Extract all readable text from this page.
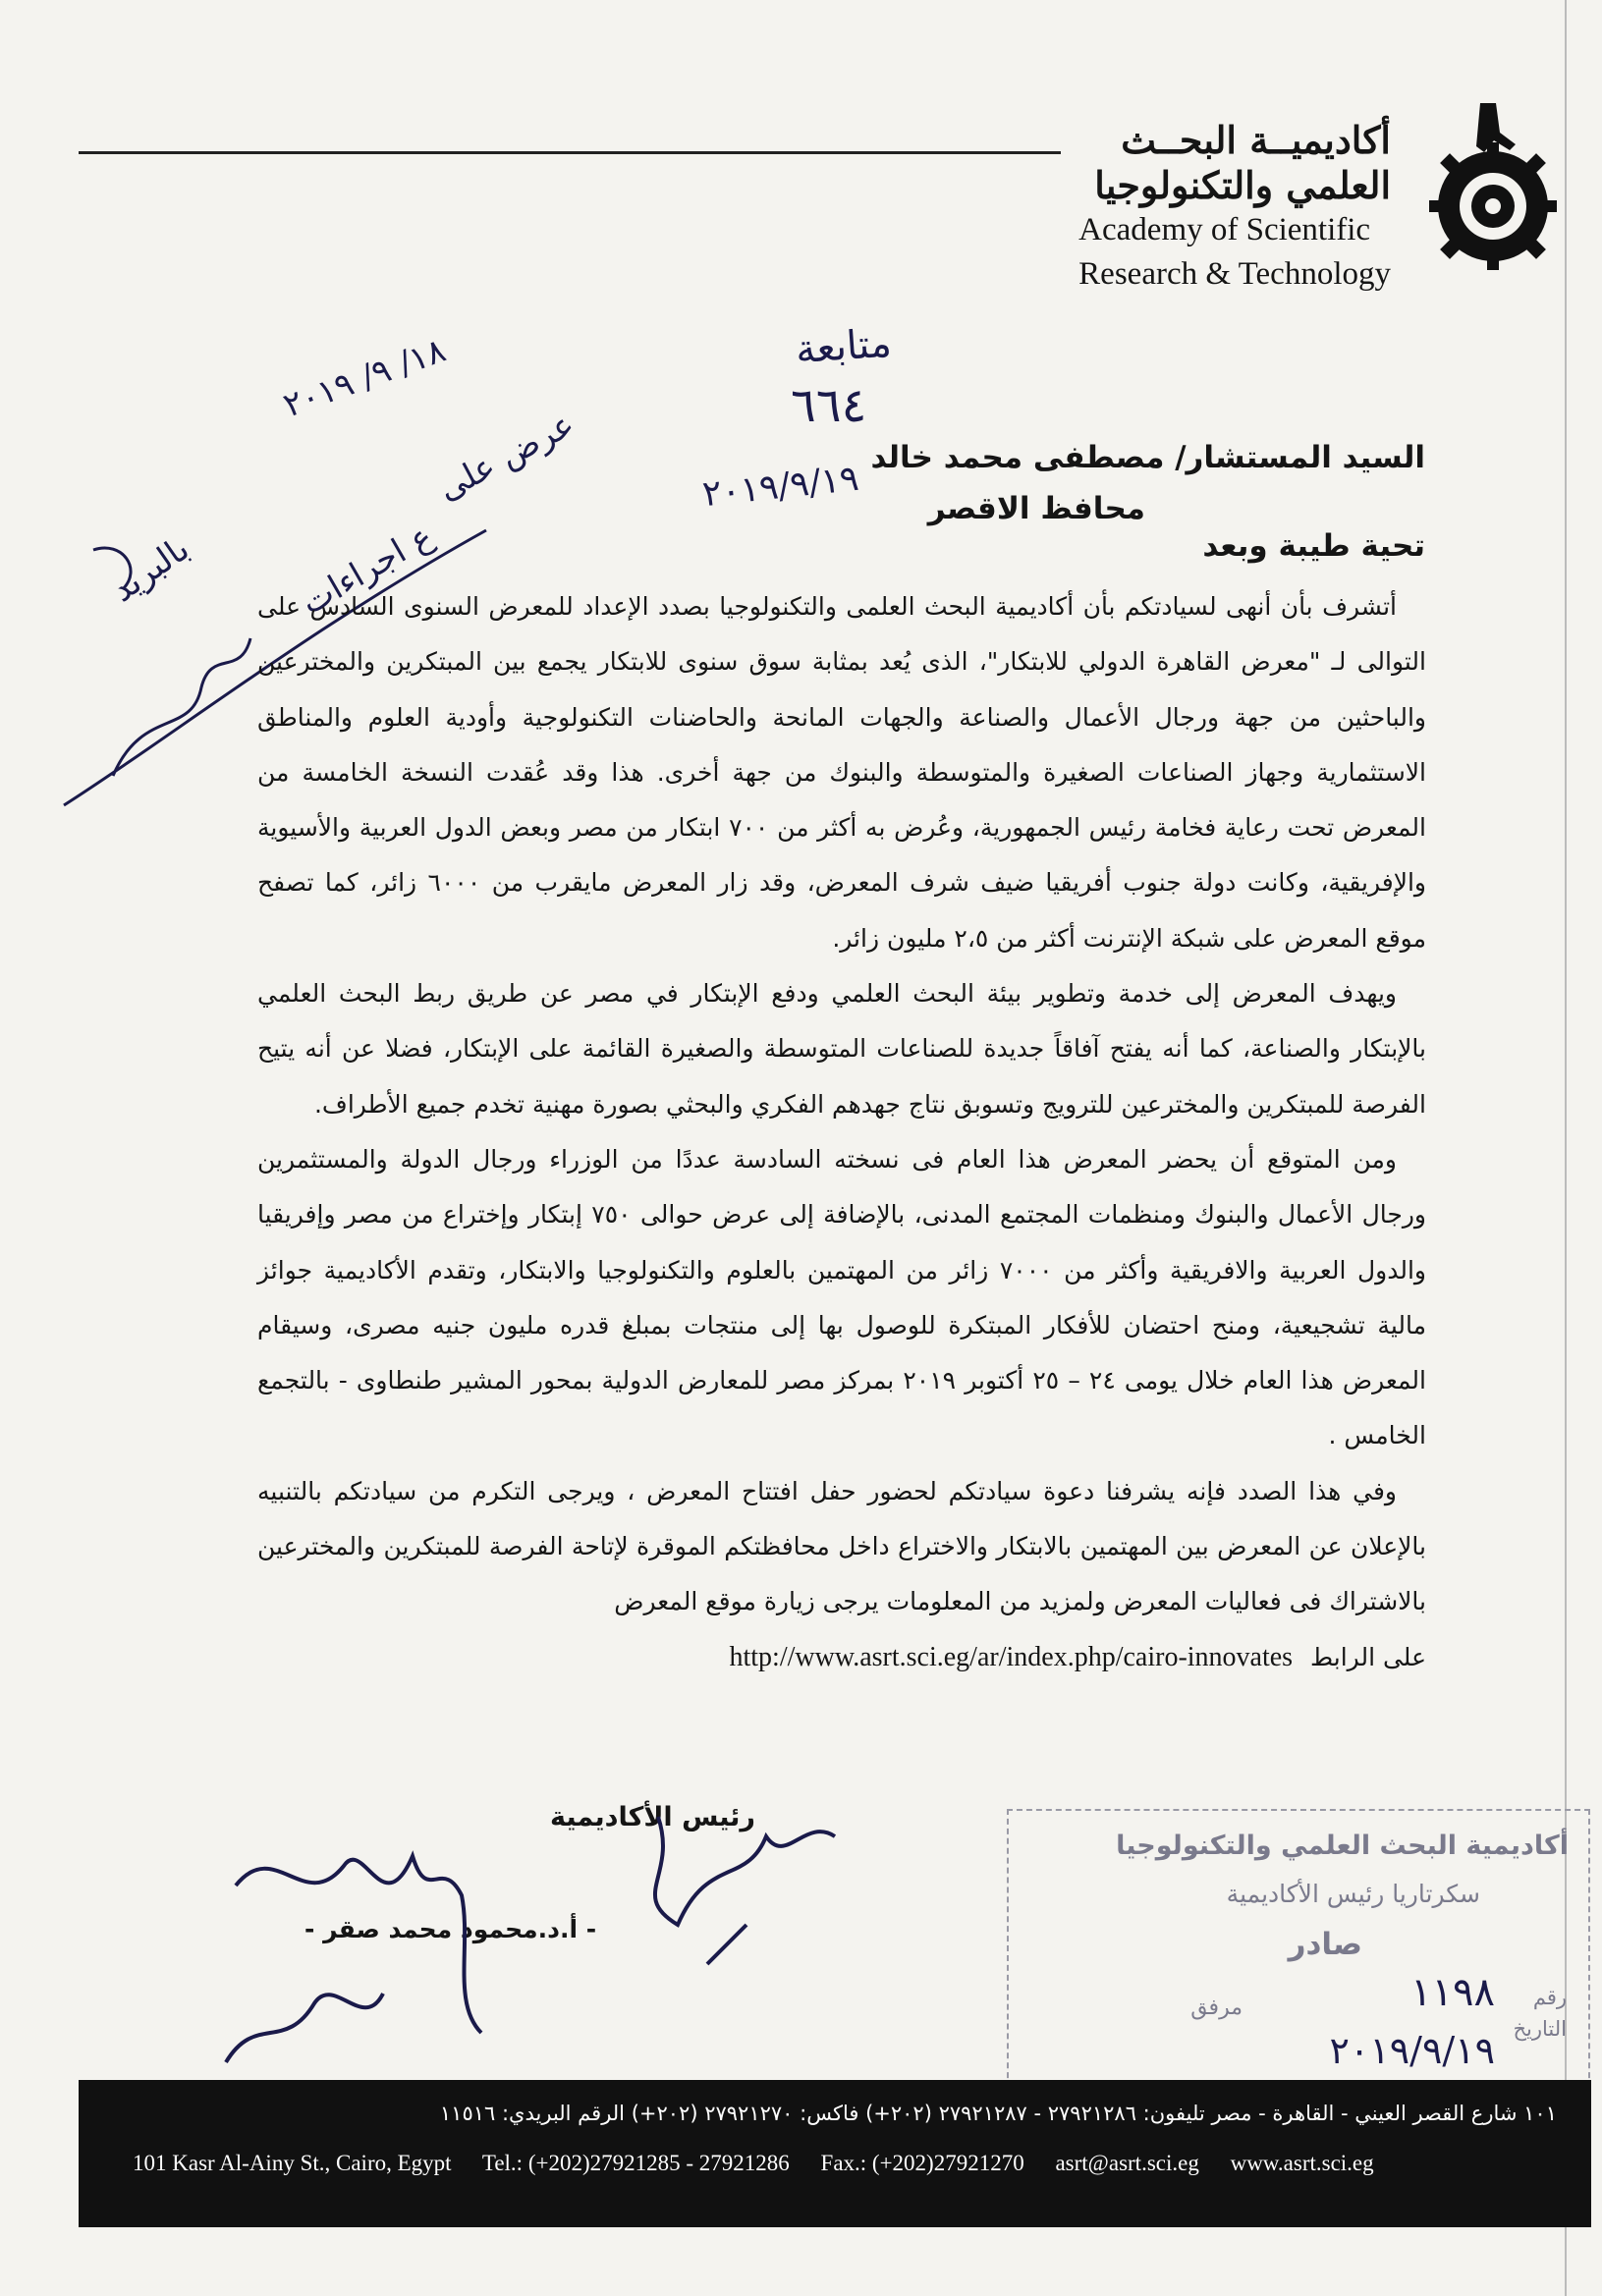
أكاديميــة البحــث
العلمي والتكنولوجيا
Academy of Scientific
Research & Technology
متابعة
٦٦٤
٢٠١٩/٩/١٩
١٨/ ٩/ ٢٠١٩
عرض على
ع اجراءات
بالبريد
السيد المستشار/ مصطفى محمد خالد
محافظ الاقصر
تحية طيبة وبعد

أتشرف بأن أنهى لسيادتكم بأن أكاديمية البحث العلمى والتكنولوجيا بصدد الإعداد للمعرض السنوى السادس على التوالى لـ "معرض القاهرة الدولي للابتكار"، الذى يُعد بمثابة سوق سنوى للابتكار يجمع بين المبتكرين والمخترعين والباحثين من جهة ورجال الأعمال والصناعة والجهات المانحة والحاضنات التكنولوجية وأودية العلوم والمناطق الاستثمارية وجهاز الصناعات الصغيرة والمتوسطة والبنوك من جهة أخرى. هذا وقد عُقدت النسخة الخامسة من المعرض تحت رعاية فخامة رئيس الجمهورية، وعُرض به أكثر من ٧٠٠ ابتكار من مصر وبعض الدول العربية والأسيوية والإفريقية، وكانت دولة جنوب أفريقيا ضيف شرف المعرض، وقد زار المعرض مايقرب من ٦٠٠٠ زائر، كما تصفح موقع المعرض على شبكة الإنترنت أكثر من ٢،٥ مليون زائر.

ويهدف المعرض إلى خدمة وتطوير بيئة البحث العلمي ودفع الإبتكار في مصر عن طريق ربط البحث العلمي بالإبتكار والصناعة، كما أنه يفتح آفاقاً جديدة للصناعات المتوسطة والصغيرة القائمة على الإبتكار، فضلا عن أنه يتيح الفرصة للمبتكرين والمخترعين للترويج وتسوبق نتاج جهدهم الفكري والبحثي بصورة مهنية تخدم جميع الأطراف.

ومن المتوقع أن يحضر المعرض هذا العام فى نسخته السادسة عددًا من الوزراء ورجال الدولة والمستثمرين ورجال الأعمال والبنوك ومنظمات المجتمع المدنى، بالإضافة إلى عرض حوالى ٧٥٠ إبتكار وإختراع من مصر وإفريقيا والدول العربية والافريقية وأكثر من ٧٠٠٠ زائر من المهتمين بالعلوم والتكنولوجيا والابتكار، وتقدم الأكاديمية جوائز مالية تشجيعية، ومنح احتضان للأفكار المبتكرة للوصول بها إلى منتجات بمبلغ قدره مليون جنيه مصرى، وسيقام المعرض هذا العام خلال يومى ٢٤ – ٢٥ أكتوبر ٢٠١٩ بمركز مصر للمعارض الدولية بمحور المشير طنطاوى - بالتجمع الخامس .

وفي هذا الصدد فإنه يشرفنا دعوة سيادتكم لحضور حفل افتتاح المعرض ، ويرجى التكرم من سيادتكم بالتنبيه بالإعلان عن المعرض بين المهتمين بالابتكار والاختراع داخل محافظتكم الموقرة لإتاحة الفرصة للمبتكرين والمخترعين بالاشتراك فى فعاليات المعرض ولمزيد من المعلومات يرجى زيارة موقع المعرض

على الرابط http://www.asrt.sci.eg/ar/index.php/cairo-innovates
رئيس الأكاديمية
- أ.د.محمود محمد صقر -
أكاديمية البحث العلمي والتكنولوجيا
سكرتاريا رئيس الأكاديمية
صادر
رقم
التاريخ
مرفق	١١٩٨
٢٠١٩/٩/١٩
١٠١ شارع القصر العيني - القاهرة - مصر تليفون: ٢٧٩٢١٢٨٦ - ٢٧٩٢١٢٨٧ (٢٠٢+) فاكس: ٢٧٩٢١٢٧٠ (٢٠٢+) الرقم البريدي: ١١٥١٦
101 Kasr Al-Ainy St., Cairo, Egypt Tel.: (+202)27921285 - 27921286 Fax.: (+202)27921270 asrt@asrt.sci.eg www.asrt.sci.eg
